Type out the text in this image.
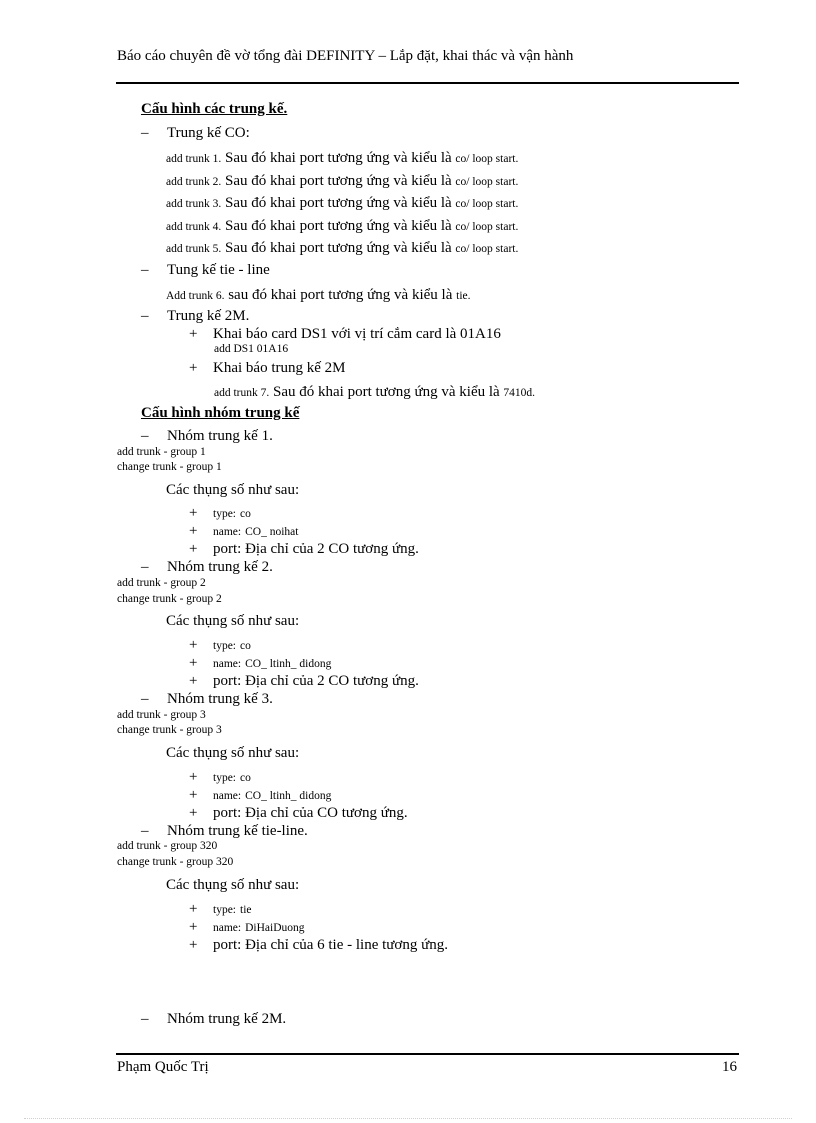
Báo cáo chuyên đề vờ tổng đài DEFINITY – Lắp đặt, khai thác và vận hành
Cấu hình các trung kế.
– Trung kế CO:
add trunk 1. Sau đó khai port tương ứng và kiểu là co/ loop start.
add trunk 2. Sau đó khai port tương ứng và kiểu là co/ loop start.
add trunk 3. Sau đó khai port tương ứng và kiểu là co/ loop start.
add trunk 4. Sau đó khai port tương ứng và kiểu là co/ loop start.
add trunk 5. Sau đó khai port tương ứng và kiểu là co/ loop start.
– Tung kế tie - line
Add trunk 6. sau đó khai port tương ứng và kiểu là tie.
– Trung kế 2M.
+ Khai báo card DS1 với vị trí cắm card là 01A16
add DS1 01A16
+ Khai báo trung kế 2M
add trunk 7. Sau đó khai port tương ứng và kiểu là 7410d.
Cấu hình nhóm trung kế
– Nhóm trung kế 1.
add trunk - group 1
change trunk - group 1
Các thụng số như sau:
+ type: co
+ name: CO_ noihat
+ port: Địa chỉ của 2 CO tương ứng.
– Nhóm trung kế 2.
add trunk - group 2
change trunk - group 2
Các thụng số như sau:
+ type: co
+ name: CO_ ltinh_ didong
+ port: Địa chỉ của 2 CO tương ứng.
– Nhóm trung kế 3.
add trunk - group 3
change trunk - group 3
Các thụng số như sau:
+ type: co
+ name: CO_ ltinh_ didong
+ port: Địa chỉ của CO tương ứng.
– Nhóm trung kế tie-line.
add trunk - group 320
change trunk - group 320
Các thụng số như sau:
+ type: tie
+ name: DiHaiDuong
+ port: Địa chỉ của 6 tie - line tương ứng.
– Nhóm trung kế 2M.
Phạm Quốc Trị	16
